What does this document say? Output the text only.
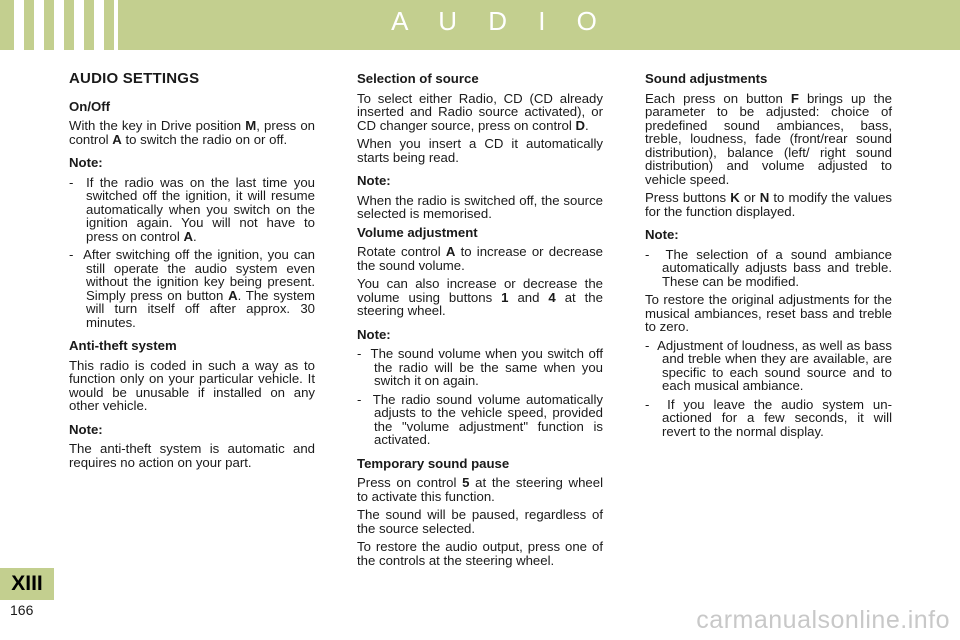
A U D I O
AUDIO SETTINGS
On/Off

With the key in Drive position M, press on control A to switch the radio on or off.

Note:

-  If the radio was on the last time you switched off the ignition, it will resume automatically when you switch on the ignition again. You will not have to press on control A.

-  After switching off the ignition, you can still operate the audio system even without the ignition key being present. Simply press on button A. The system will turn itself off after approx. 30 minutes.

Anti-theft system

This radio is coded in such a way as to function only on your particular vehicle. It would be unusable if installed on any other vehicle.

Note:

The anti-theft system is automatic and requires no action on your part.

Selection of source

To select either Radio, CD (CD already inserted and Radio source activated), or CD changer source, press on control D.

When you insert a CD it automatically starts being read.

Note:

When the radio is switched off, the source selected is memorised.

Volume adjustment

Rotate control A to increase or decrease the sound volume.

You can also increase or decrease the volume using buttons 1 and 4 at the steering wheel.

Note:

-  The sound volume when you switch off the radio will be the same when you switch it on again.

-  The radio sound volume automatically adjusts to the vehicle speed, provided the "volume adjustment" function is activated.

Temporary sound pause

Press on control 5 at the steering wheel to activate this function.

The sound will be paused, regardless of the source selected.

To restore the audio output, press one of the controls at the steering wheel.

Sound adjustments

Each press on button F brings up the parameter to be adjusted: choice of predefined sound ambiances, bass, treble, loudness, fade (front/rear sound distribution), balance (left/ right sound distribution) and volume adjusted to vehicle speed.

Press buttons K or N to modify the values for the function displayed.

Note:

-  The selection of a sound ambiance automatically adjusts bass and treble. These can be modified.

To restore the original adjustments for the musical ambiances, reset bass and treble to zero.

-  Adjustment of loudness, as well as bass and treble when they are available, are specific to each sound source and to each musical ambiance.

-  If you leave the audio system un- actioned for a few seconds, it will revert to the normal display.

XIII
166	carmanualsonline.info
